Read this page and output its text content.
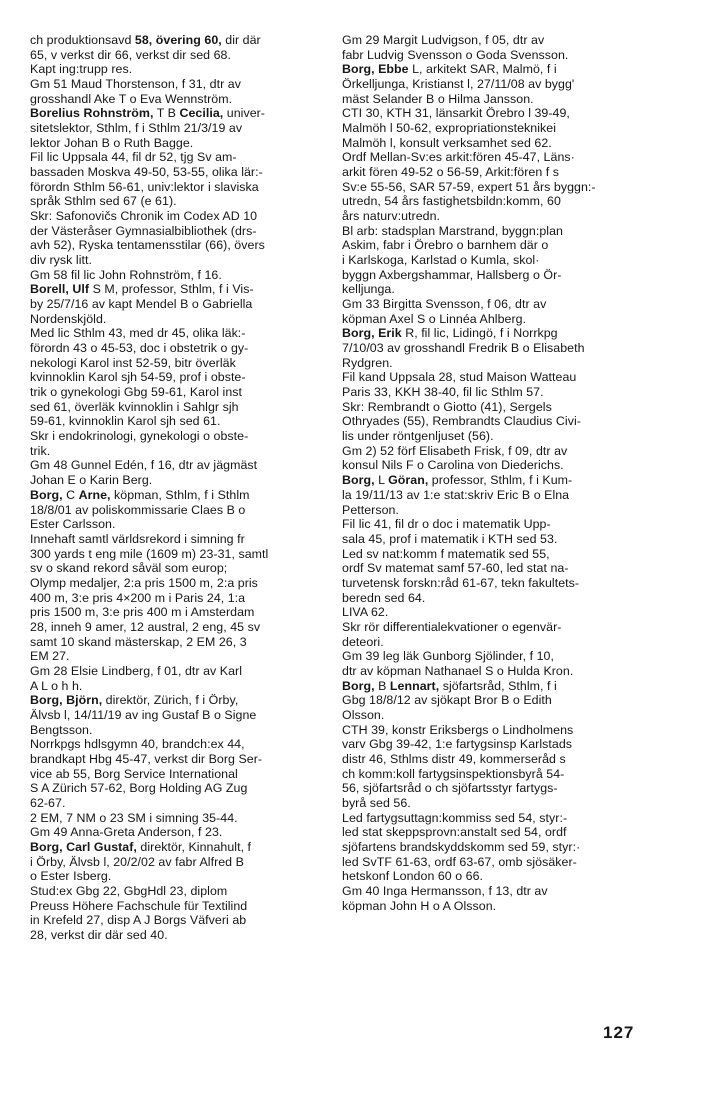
ch produktionsavd 58, övering 60, dir där
65, v verkst dir 66, verkst dir sed 68.
Kapt ing:trupp res.
Gm 51 Maud Thorstenson, f 31, dtr av
grosshandl Ake T o Eva Wennström.
Borelius Rohnström, T B Cecilia, univer-
sitetslektor, Sthlm, f i Sthlm 21/3/19 av
lektor Johan B o Ruth Bagge.
Fil lic Uppsala 44, fil dr 52, tjg Sv am-
bassaden Moskva 49-50, 53-55, olika lär:-
förordn Sthlm 56-61, univ:lektor i slaviska
språk Sthlm sed 67 (e 61).
Skr: Safonovičs Chronik im Codex AD 10
der Västeråser Gymnasialbibliothek (drs-
avh 52), Ryska tentamensstilar (66), övers
div rysk litt.
Gm 58 fil lic John Rohnström, f 16.
Borell, Ulf S M, professor, Sthlm, f i Vis-
by 25/7/16 av kapt Mendel B o Gabriella
Nordenskjöld.
Med lic Sthlm 43, med dr 45, olika läk:-
förordn 43 o 45-53, doc i obstetrik o gy-
nekologi Karol inst 52-59, bitr överläk
kvinnoklin Karol sjh 54-59, prof i obste-
trik o gynekologi Gbg 59-61, Karol inst
sed 61, överläk kvinnoklin i Sahlgr sjh
59-61, kvinnoklin Karol sjh sed 61.
Skr i endokrinologi, gynekologi o obste-
trik.
Gm 48 Gunnel Edén, f 16, dtr av jägmäst
Johan E o Karin Berg.
Borg, C Arne, köpman, Sthlm, f i Sthlm
18/8/01 av poliskommissarie Claes B o
Ester Carlsson.
Innehaft samtl världsrekord i simning fr
300 yards t eng mile (1609 m) 23-31, samtl
sv o skand rekord såväl som europ;
Olymp medaljer, 2:a pris 1500 m, 2:a pris
400 m, 3:e pris 4×200 m i Paris 24, 1:a
pris 1500 m, 3:e pris 400 m i Amsterdam
28, inneh 9 amer, 12 austral, 2 eng, 45 sv
samt 10 skand mästerskap, 2 EM 26, 3
EM 27.
Gm 28 Elsie Lindberg, f 01, dtr av Karl
A L o h h.
Borg, Björn, direktör, Zürich, f i Örby,
Älvsb l, 14/11/19 av ing Gustaf B o Signe
Bengtsson.
Norrkpgs hdlsgymn 40, brandch:ex 44,
brandkapt Hbg 45-47, verkst dir Borg Ser-
vice ab 55, Borg Service International
S A Zürich 57-62, Borg Holding AG Zug
62-67.
2 EM, 7 NM o 23 SM i simning 35-44.
Gm 49 Anna-Greta Anderson, f 23.
Borg, Carl Gustaf, direktör, Kinnahult, f
i Örby, Älvsb l, 20/2/02 av fabr Alfred B
o Ester Isberg.
Stud:ex Gbg 22, GbgHdl 23, diplom
Preuss Höhere Fachschule für Textilind
in Krefeld 27, disp A J Borgs Väfveri ab
28, verkst dir där sed 40.
Gm 29 Margit Ludvigson, f 05, dtr av
fabr Ludvig Svensson o Goda Svensson.
Borg, Ebbe L, arkitekt SAR, Malmö, f i
Örkelljunga, Kristianst l, 27/11/08 av bygg'
mäst Selander B o Hilma Jansson.
CTI 30, KTH 31, länsarkit Örebro l 39-49,
Malmöh l 50-62, expropriationsteknikei
Malmöh l, konsult verksamhet sed 62.
Ordf Mellan-Sv:es arkit:fören 45-47, Läns·
arkit fören 49-52 o 56-59, Arkit:fören f s
Sv:e 55-56, SAR 57-59, expert 51 års byggn:-
utredn, 54 års fastighetsbildn:komm, 60
års naturv:utredn.
Bl arb: stadsplan Marstrand, byggn:plan
Askim, fabr i Örebro o barnhem där o
i Karlskoga, Karlstad o Kumla, skol·
byggn Axbergshammar, Hallsberg o Ör-
kelljunga.
Gm 33 Birgitta Svensson, f 06, dtr av
köpman Axel S o Linnéa Ahlberg.
Borg, Erik R, fil lic, Lidingö, f i Norrkpg
7/10/03 av grosshandl Fredrik B o Elisabeth
Rydgren.
Fil kand Uppsala 28, stud Maison Watteau
Paris 33, KKH 38-40, fil lic Sthlm 57.
Skr: Rembrandt o Giotto (41), Sergels
Othryades (55), Rembrandts Claudius Civi-
lis under röntgenljuset (56).
Gm 2) 52 förf Elisabeth Frisk, f 09, dtr av
konsul Nils F o Carolina von Diederichs.
Borg, L Göran, professor, Sthlm, f i Kum-
la 19/11/13 av 1:e stat:skriv Eric B o Elna
Petterson.
Fil lic 41, fil dr o doc i matematik Upp-
sala 45, prof i matematik i KTH sed 53.
Led sv nat:komm f matematik sed 55,
ordf Sv matemat samf 57-60, led stat na-
turvetensk forskn:råd 61-67, tekn fakultets-
beredn sed 64.
LIVA 62.
Skr rör differentialekvationer o egenvär-
deteori.
Gm 39 leg läk Gunborg Sjölinder, f 10,
dtr av köpman Nathanael S o Hulda Kron.
Borg, B Lennart, sjöfartsråd, Sthlm, f i
Gbg 18/8/12 av sjökapt Bror B o Edith
Olsson.
CTH 39, konstr Eriksbergs o Lindholmens
varv Gbg 39-42, 1:e fartygsinsp Karlstads
distr 46, Sthlms distr 49, kommerseråd s
ch komm:koll fartygsinspektionsbyrå 54-
56, sjöfartsråd o ch sjöfartsstyr fartygs-
byrå sed 56.
Led fartygsuttagn:kommiss sed 54, styr:-
led stat skeppsprovn:anstalt sed 54, ordf
sjöfartens brandskyddskomm sed 59, styr:·
led SvTF 61-63, ordf 63-67, omb sjösäker-
hetskonf London 60 o 66.
Gm 40 Inga Hermansson, f 13, dtr av
köpman John H o A Olsson.
127
